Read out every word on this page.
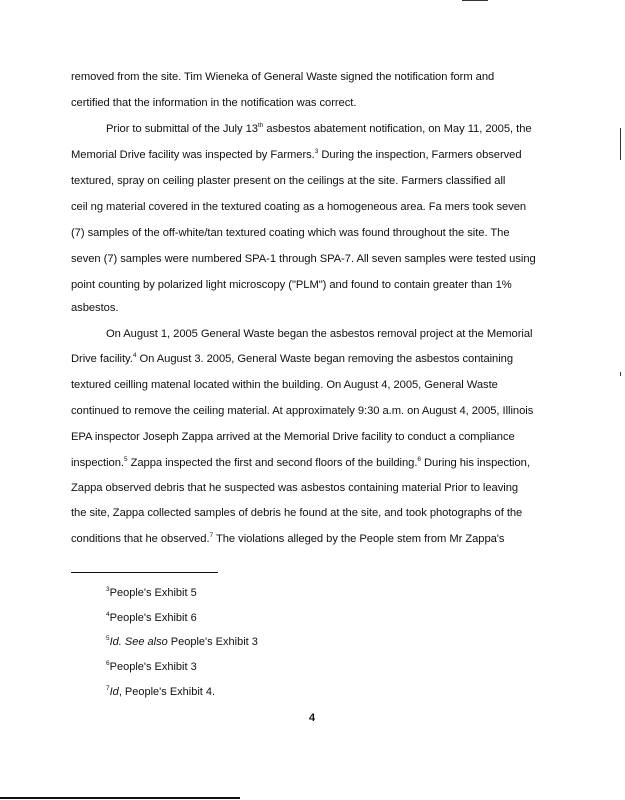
removed from the site. Tim Wieneka of General Waste signed the notification form and
certified that the information in the notification was correct.
Prior to submittal of the July 13th asbestos abatement notification, on May 11, 2005, the
Memorial Drive facility was inspected by Farmers.$^3$ During the inspection, Farmers observed
textured, spray on ceiling plaster present on the ceilings at the site. Farmers classified all
ceil ng material covered in the textured coating as a homogeneous area. Fa mers took seven
(7) samples of the off-white/tan textured coating which was found throughout the site. The
seven (7) samples were numbered SPA-1 through SPA-7. All seven samples were tested using
point counting by polarized light microscopy ("PLM") and found to contain greater than 1%
asbestos.
On August 1, 2005 General Waste began the asbestos removal project at the Memorial
Drive facility.$^4$ On August 3. 2005, General Waste began removing the asbestos containing
textured ceilling matenal located within the building. On August 4, 2005, General Waste
continued to remove the ceiling material. At approximately 9:30 a.m. on August 4, 2005, Illinois
EPA inspector Joseph Zappa arrived at the Memorial Drive facility to conduct a compliance
inspection.$^5$ Zappa inspected the first and second floors of the building.$^6$ During his inspection,
Zappa observed debris that he suspected was asbestos containing material Prior to leaving
the site, Zappa collected samples of debris he found at the site, and took photographs of the
conditions that he observed.$^7$ The violations alleged by the People stem from Mr Zappa's
$^3$People's Exhibit 5
$^4$People's Exhibit 6
$^5$Id. See also People's Exhibit 3
$^6$People's Exhibit 3
$^7$Id, People's Exhibit 4.
4
